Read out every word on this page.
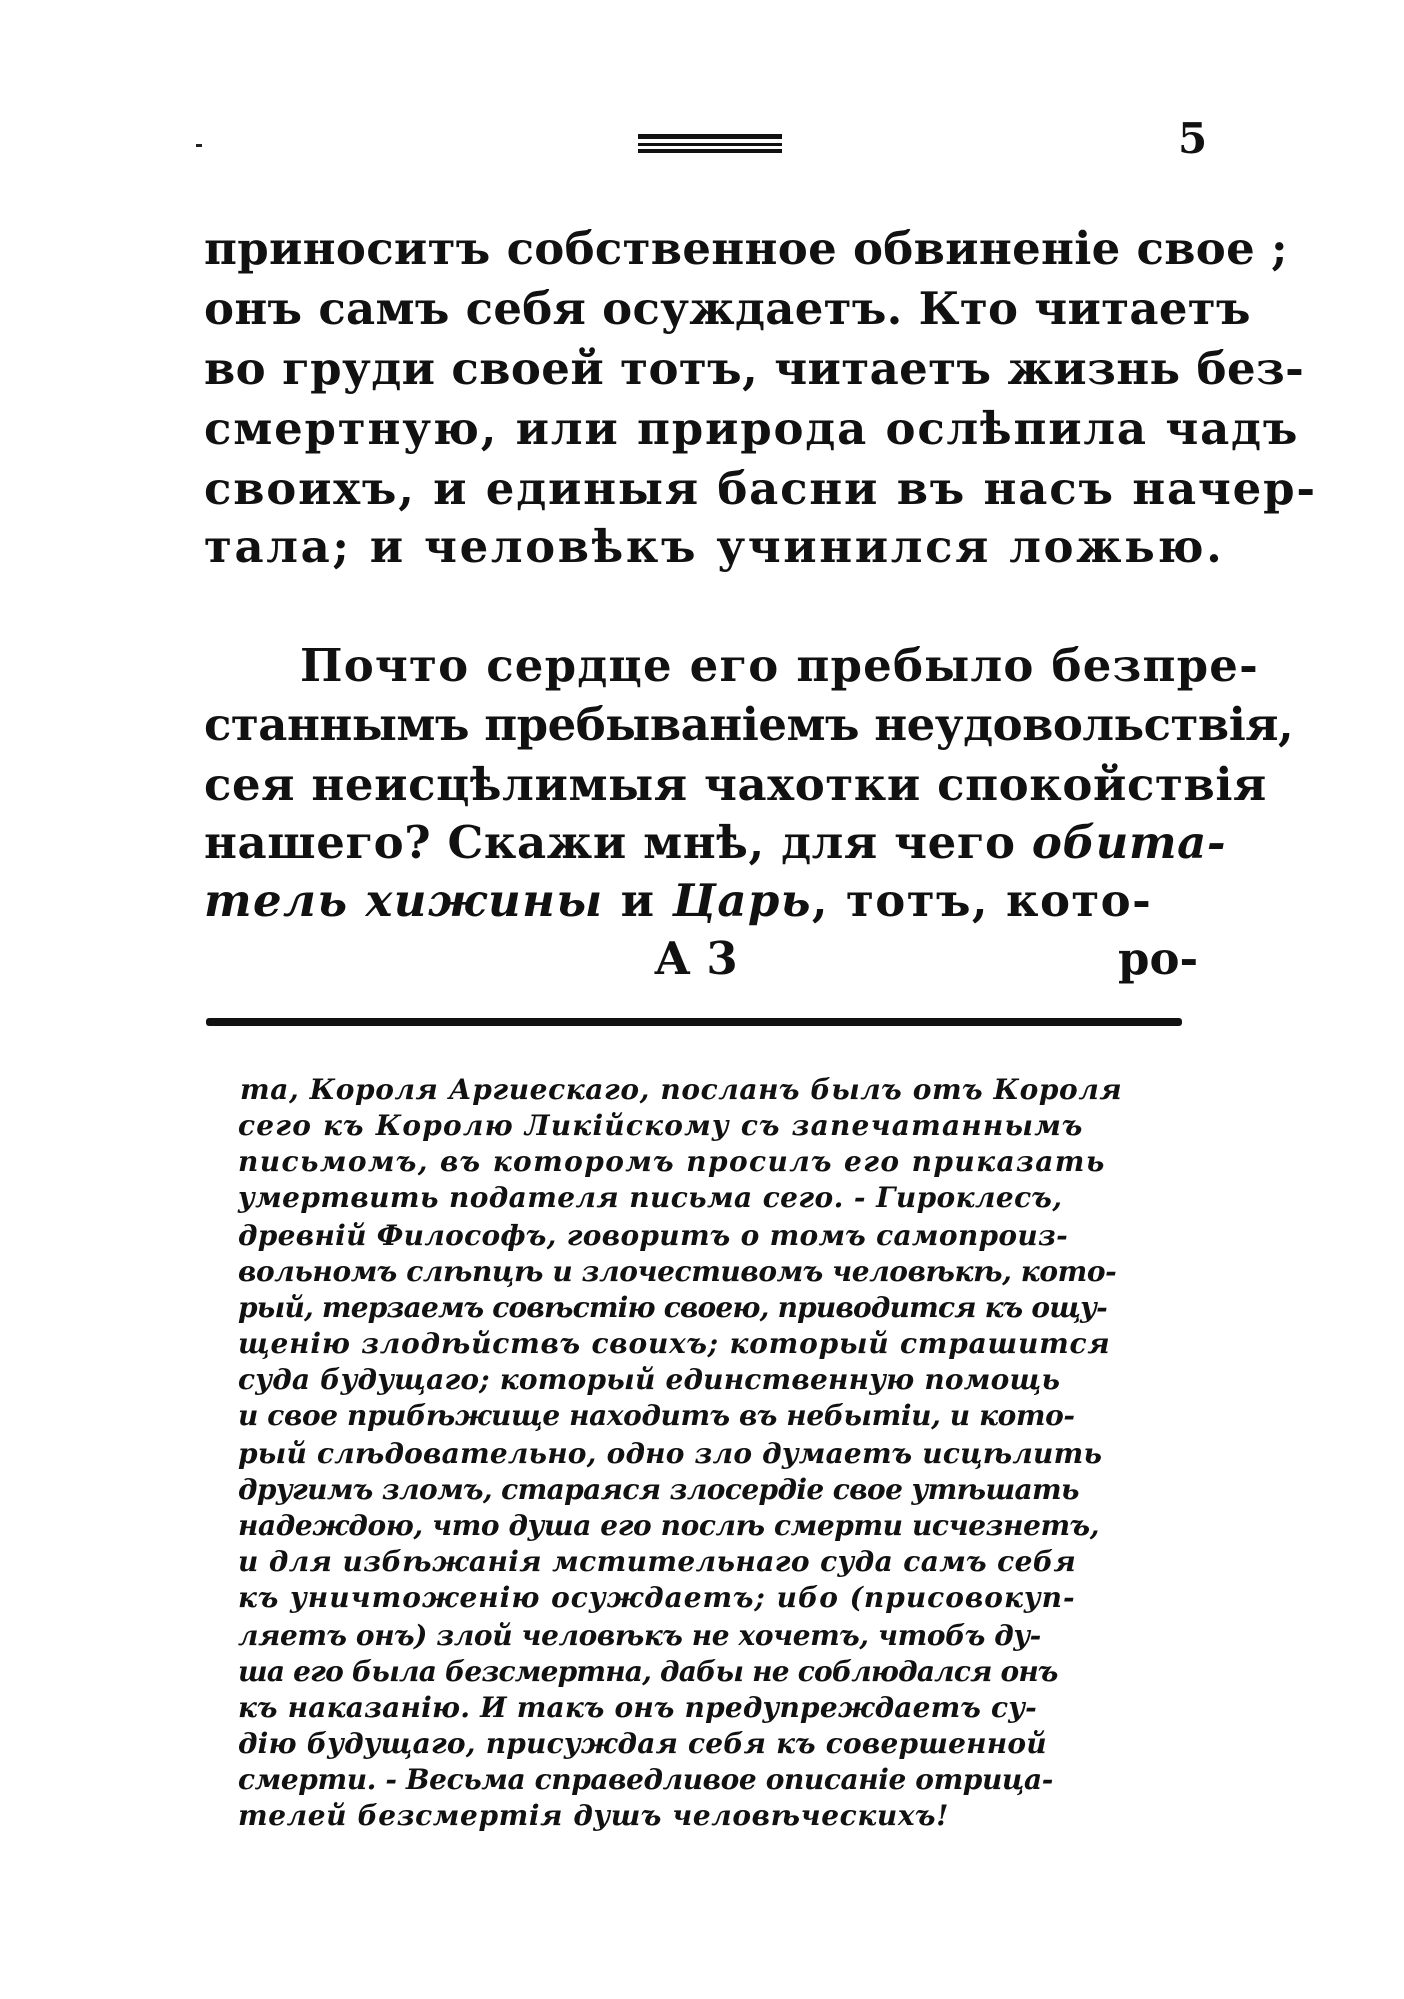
5
приноситъ собственное обвиненіе свое ;
онъ самъ себя осуждаетъ. Кто читаетъ
во груди своей тотъ, читаетъ жизнь без-
смертную, или природа ослѣпила чадъ
своихъ, и единыя басни въ насъ начер-
тала; и человѣкъ учинился ложью.
Почто сердце его пребыло безпре-
станнымъ пребываніемъ неудовольствія,
сея неисцѣлимыя чахотки спокойствія
нашего? Скажи мнѣ, для чего обита-
тель хижины и Царь, тотъ, кото-
А 3	ро-
та, Короля Аргиескаго, посланъ былъ отъ Короля
сего къ Королю Ликійскому съ запечатаннымъ
письмомъ, въ которомъ просилъ его приказать
умертвить подателя письма сего. - Гироклесъ,
древній Философъ, говоритъ о томъ самопроиз-
вольномъ слѣпцѣ и злочестивомъ человѣкѣ, кото-
рый, терзаемъ совѣстію своею, приводится къ ощу-
щенію злодѣйствъ своихъ; который страшится
суда будущаго; который единственную помощь
и свое прибѣжище находитъ въ небытіи, и кото-
рый слѣдовательно, одно зло думаетъ исцѣлить
другимъ зломъ, стараяся злосердіе свое утѣшать
надеждою, что душа его послѣ смерти исчезнетъ,
и для избѣжанія мстительнаго суда самъ себя
къ уничтоженію осуждаетъ; ибо (присовокуп-
ляетъ онъ) злой человѣкъ не хочетъ, чтобъ ду-
ша его была безсмертна, дабы не соблюдался онъ
къ наказанію. И такъ онъ предупреждаетъ су-
дію будущаго, присуждая себя къ совершенной
смерти. - Весьма справедливое описаніе отрица-
телей безсмертія душъ человѣческихъ!
